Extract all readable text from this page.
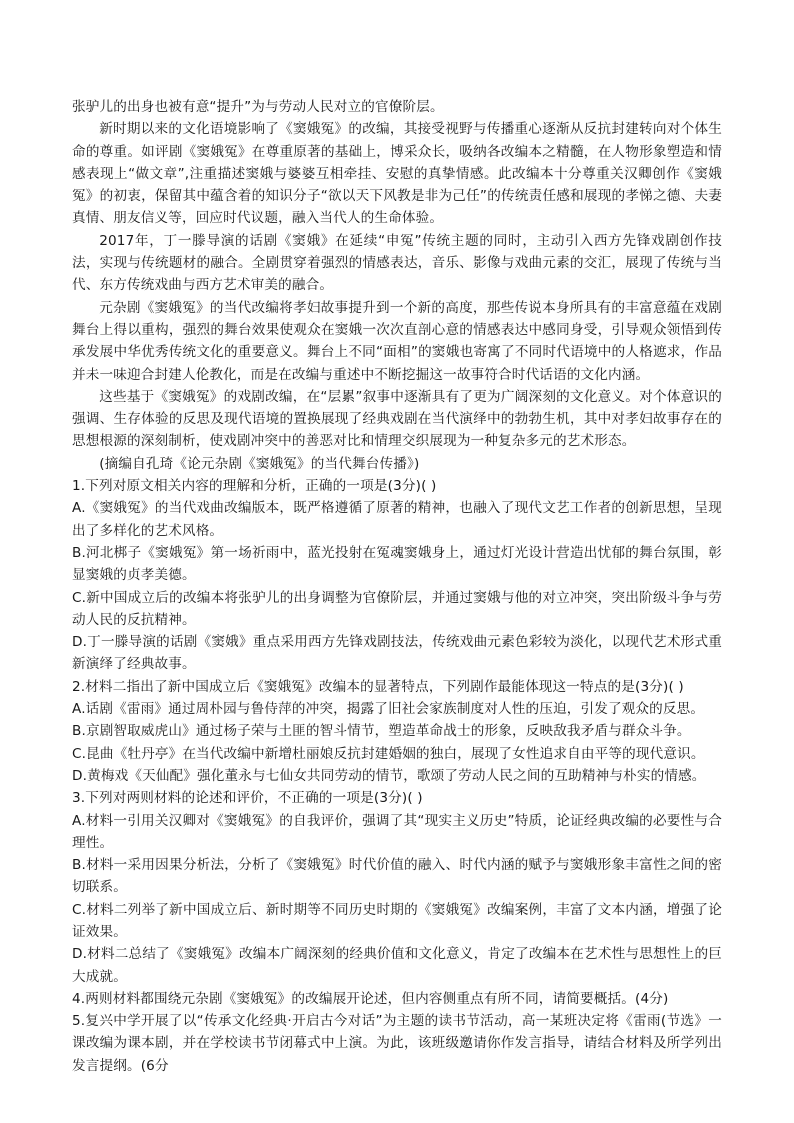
张驴儿的出身也被有意“提升”为与劳动人民对立的官僚阶层。

新时期以来的文化语境影响了《窦娥冤》的改编，其接受视野与传播重心逐渐从反抗封建转向对个体生命的尊重。如评剧《窦娥冤》在尊重原著的基础上，博采众长，吸纳各改编本之精髓，在人物形象塑造和情感表现上“做文章”,注重描述窦娥与婆婆互相牵挂、安慰的真挚情感。此改编本十分尊重关汉卿创作《窦娥冤》的初衷，保留其中蕴含着的知识分子“欲以天下风教是非为己任”的传统责任感和展现的孝悌之德、夫妻真情、朋友信义等，回应时代议题，融入当代人的生命体验。

2017年，丁一滕导演的话剧《窦娥》在延续“申冤”传统主题的同时，主动引入西方先锋戏剧创作技法，实现与传统题材的融合。全剧贯穿着强烈的情感表达，音乐、影像与戏曲元素的交汇，展现了传统与当代、东方传统戏曲与西方艺术审美的融合。

元杂剧《窦娥冤》的当代改编将孝妇故事提升到一个新的高度，那些传说本身所具有的丰富意蕴在戏剧舞台上得以重构，强烈的舞台效果使观众在窦娥一次次直剖心意的情感表达中感同身受，引导观众领悟到传承发展中华优秀传统文化的重要意义。舞台上不同“面相”的窦娥也寄寓了不同时代语境中的人格遮求，作品并未一味迎合封建人伦教化，而是在改编与重述中不断挖掘这一故事符合时代话语的文化内涵。

这些基于《窦娥冤》的戏剧改编，在“层累”叙事中逐渐具有了更为广阔深刻的文化意义。对个体意识的强调、生存体验的反思及现代语境的置换展现了经典戏剧在当代演绎中的勃勃生机，其中对孝妇故事存在的思想根源的深刻制析，使戏剧冲突中的善恶对比和情理交织展现为一种复杂多元的艺术形态。

(摘编自孔琦《论元杂剧《窦娥冤》的当代舞台传播》)

1.下列对原文相关内容的理解和分析，正确的一项是(3分)( )

A.《窦娥冤》的当代戏曲改编版本，既严格遵循了原著的精神，也融入了现代文艺工作者的创新思想，呈现出了多样化的艺术风格。

B.河北梆子《窦娥冤》第一场祈雨中，蓝光投射在冤魂窦娥身上，通过灯光设计营造出忧郁的舞台氛围，彰显窦娥的贞孝美德。

C.新中国成立后的改编本将张驴儿的出身调整为官僚阶层，并通过窦娥与他的对立冲突，突出阶级斗争与劳动人民的反抗精神。

D.丁一滕导演的话剧《窦娥》重点采用西方先锋戏剧技法，传统戏曲元素色彩较为淡化，以现代艺术形式重新演绎了经典故事。

2.材料二指出了新中国成立后《窦娥冤》改编本的显著特点，下列剧作最能体现这一特点的是(3分)( )

A.话剧《雷雨》通过周朴园与鲁侍萍的冲突，揭露了旧社会家族制度对人性的压迫，引发了观众的反思。

B.京剧智取威虎山》通过杨子荣与土匪的智斗情节，塑造革命战士的形象，反映敌我矛盾与群众斗争。

C.昆曲《牡丹亭》在当代改编中新增杜丽娘反抗封建婚姻的独白，展现了女性追求自由平等的现代意识。

D.黄梅戏《天仙配》强化董永与七仙女共同劳动的情节，歌颂了劳动人民之间的互助精神与朴实的情感。

3.下列对两则材料的论述和评价，不正确的一项是(3分)( )

A.材料一引用关汉卿对《窦娥冤》的自我评价，强调了其“现实主义历史”特质，论证经典改编的必要性与合理性。

B.材料一采用因果分析法，分析了《窦娥冤》时代价值的融入、时代内涵的赋予与窦娥形象丰富性之间的密切联系。

C.材料二列举了新中国成立后、新时期等不同历史时期的《窦娥冤》改编案例，丰富了文本内涵，增强了论证效果。

D.材料二总结了《窦娥冤》改编本广阔深刻的经典价值和文化意义，肯定了改编本在艺术性与思想性上的巨大成就。

4.两则材料都围绕元杂剧《窦娥冤》的改编展开论述，但内容侧重点有所不同，请简要概括。(4分)

5.复兴中学开展了以“传承文化经典·开启古今对话”为主题的读书节活动，高一某班决定将《雷雨(节选》一课改编为课本剧，并在学校读书节闭幕式中上演。为此，该班级邀请你作发言指导，请结合材料及所学列出发言提纲。(6分
